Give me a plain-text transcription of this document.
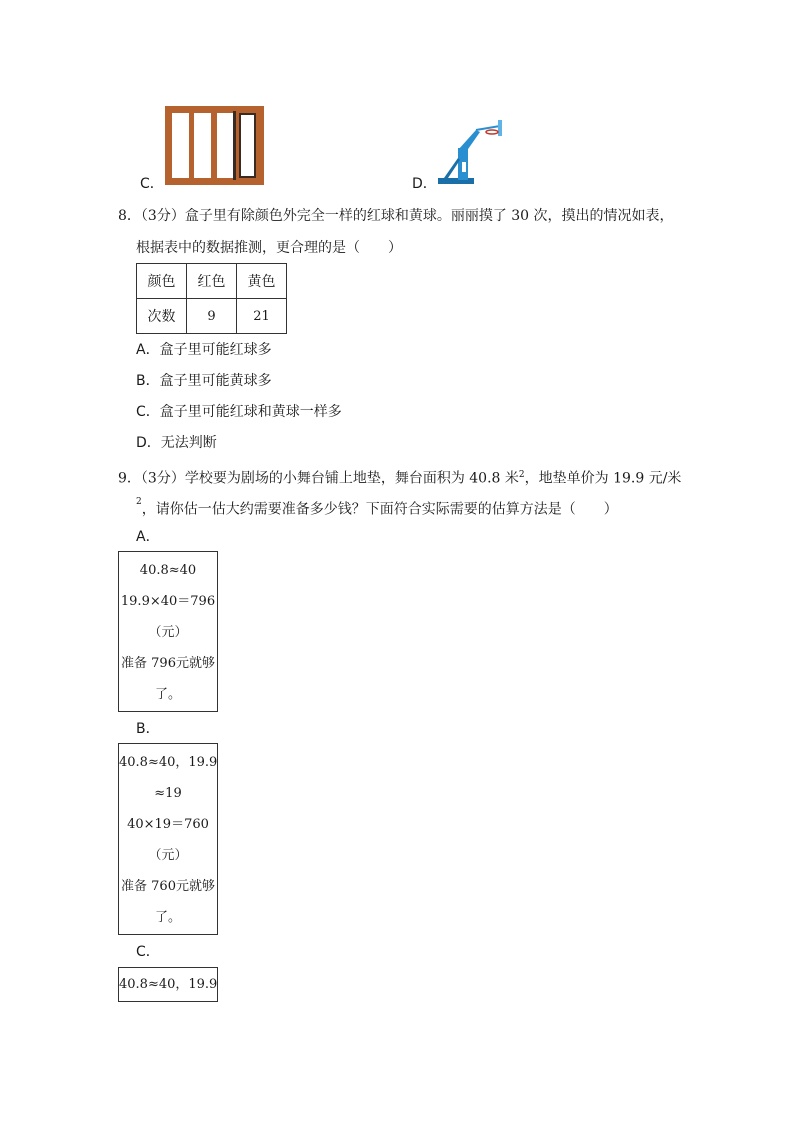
C．	D．
8．（3分）盒子里有除颜色外完全一样的红球和黄球。丽丽摸了 30 次，摸出的情况如表，
根据表中的数据推测，更合理的是（　　）
颜色	红色	黄色
次数	9	21
A．盒子里可能红球多
B．盒子里可能黄球多
C．盒子里可能红球和黄球一样多
D．无法判断
9．（3分）学校要为剧场的小舞台铺上地垫，舞台面积为 40.8 米$^2$，地垫单价为 19.9 元/米
$^2$，请你估一估大约需要准备多少钱？下面符合实际需要的估算方法是（　　）
A．
40.8≈40
19.9×40＝796
（元）
准备 796元就够
了。
B．
40.8≈40，19.9
≈19
40×19＝760
（元）
准备 760元就够
了。
C．
40.8≈40，19.9
